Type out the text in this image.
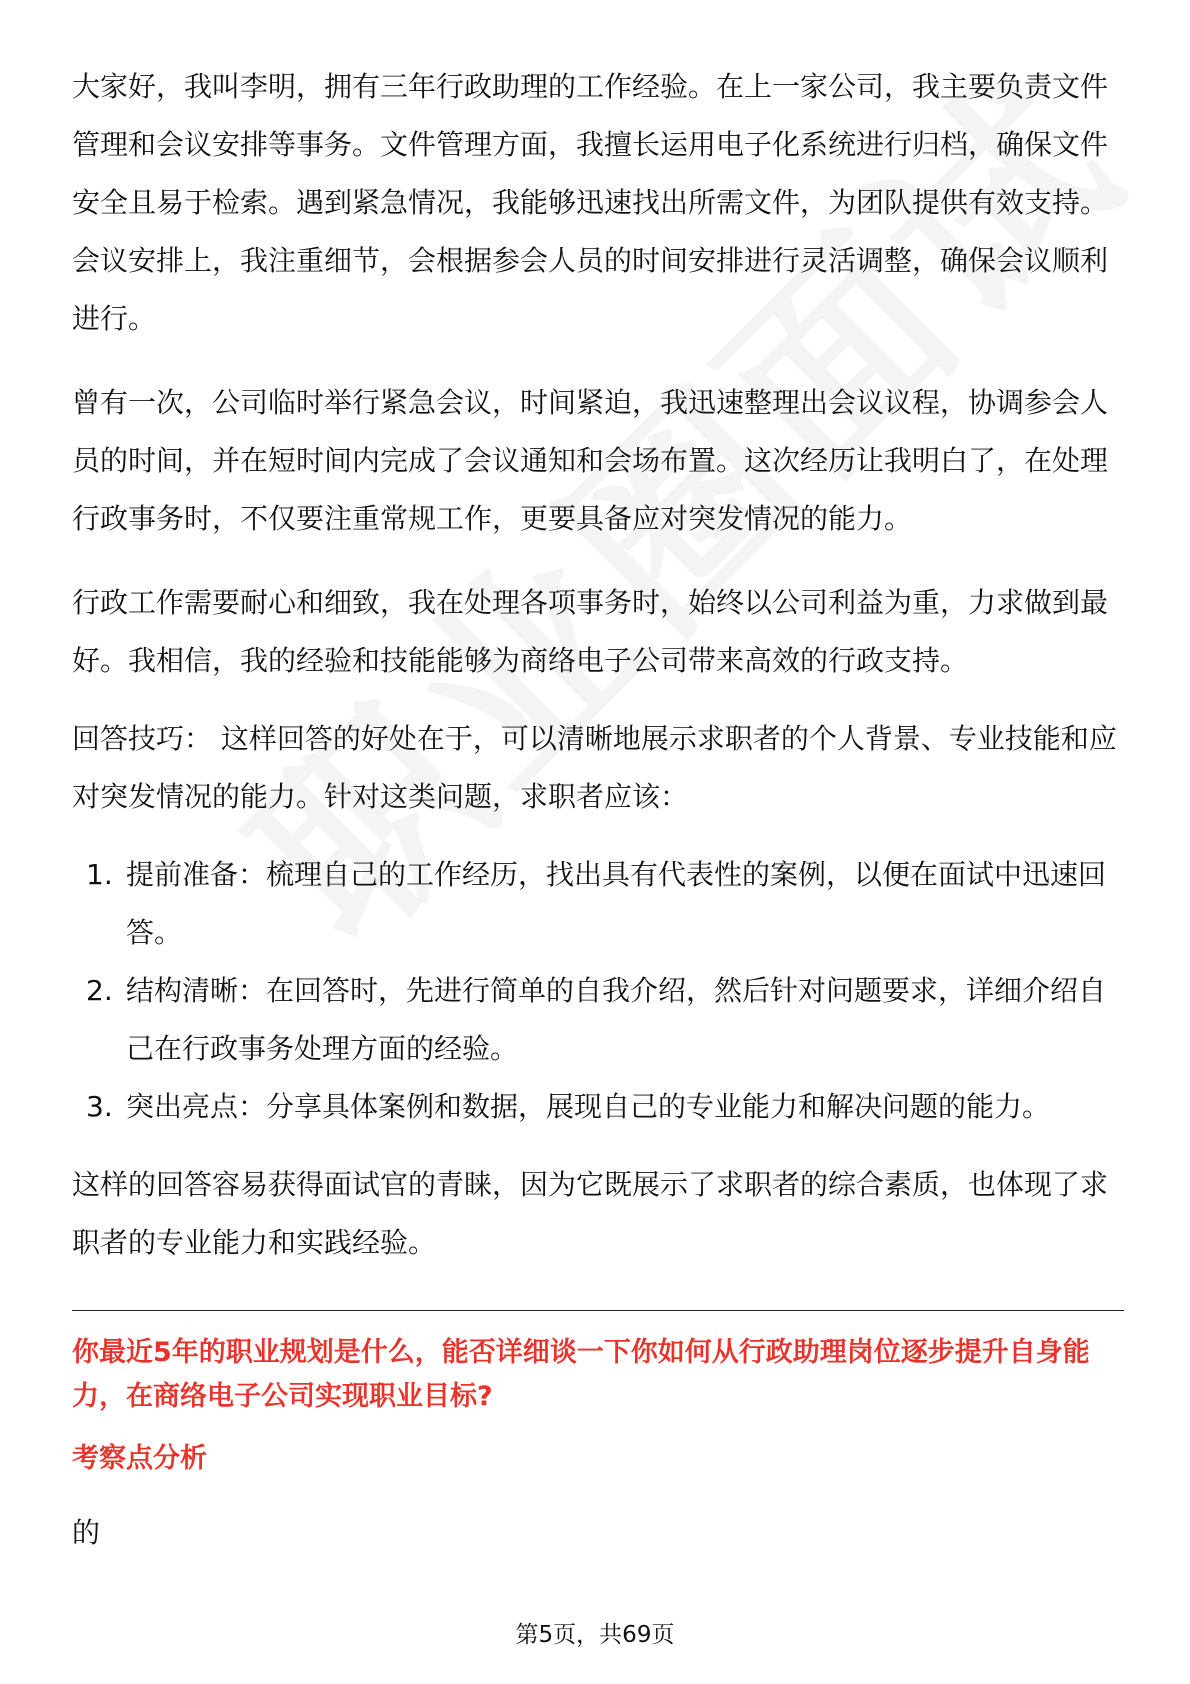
大家好，我叫李明，拥有三年行政助理的工作经验。在上一家公司，我主要负责文件管理和会议安排等事务。文件管理方面，我擅长运用电子化系统进行归档，确保文件安全且易于检索。遇到紧急情况，我能够迅速找出所需文件，为团队提供有效支持。会议安排上，我注重细节，会根据参会人员的时间安排进行灵活调整，确保会议顺利进行。

曾有一次，公司临时举行紧急会议，时间紧迫，我迅速整理出会议议程，协调参会人员的时间，并在短时间内完成了会议通知和会场布置。这次经历让我明白了，在处理行政事务时，不仅要注重常规工作，更要具备应对突发情况的能力。

行政工作需要耐心和细致，我在处理各项事务时，始终以公司利益为重，力求做到最好。我相信，我的经验和技能能够为商络电子公司带来高效的行政支持。

回答技巧： 这样回答的好处在于，可以清晰地展示求职者的个人背景、专业技能和应对突发情况的能力。针对这类问题，求职者应该：

1. 提前准备：梳理自己的工作经历，找出具有代表性的案例，以便在面试中迅速回答。
2. 结构清晰：在回答时，先进行简单的自我介绍，然后针对问题要求，详细介绍自己在行政事务处理方面的经验。
3. 突出亮点：分享具体案例和数据，展现自己的专业能力和解决问题的能力。

这样的回答容易获得面试官的青睐，因为它既展示了求职者的综合素质，也体现了求职者的专业能力和实践经验。

你最近5年的职业规划是什么，能否详细谈一下你如何从行政助理岗位逐步提升自身能力，在商络电子公司实现职业目标?
考察点分析

的

第5页，共69页
